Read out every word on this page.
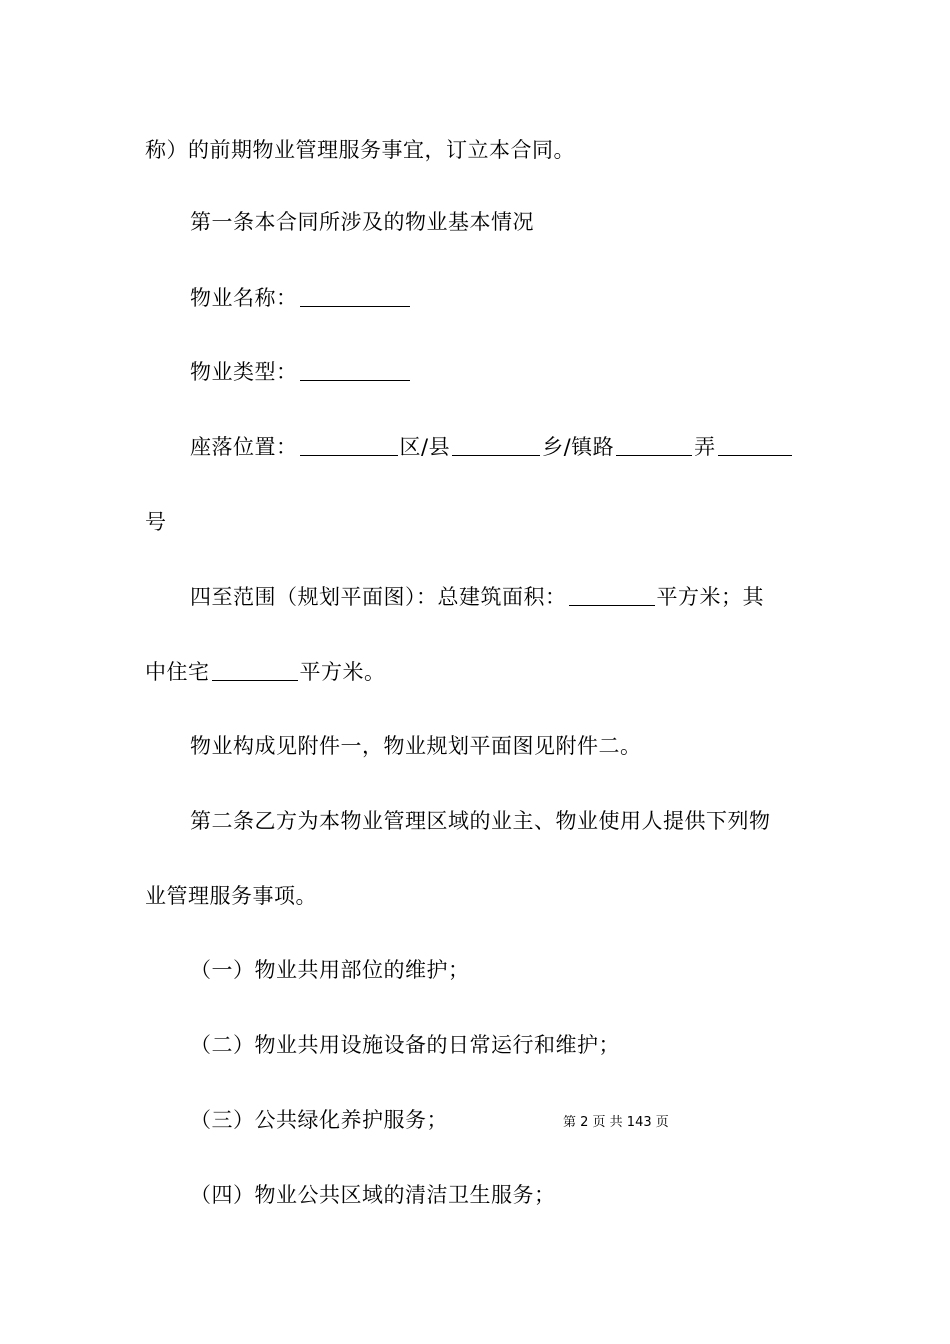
称）的前期物业管理服务事宜，订立本合同。
第一条本合同所涉及的物业基本情况
物业名称：
物业类型：
座落位置：	区/县	乡/镇路	弄
号
四至范围（规划平面图）：总建筑面积：	平方米；其
中住宅	平方米。
物业构成见附件一，物业规划平面图见附件二。
第二条乙方为本物业管理区域的业主、物业使用人提供下列物
业管理服务事项。
（一）物业共用部位的维护；
（二）物业共用设施设备的日常运行和维护；
（三）公共绿化养护服务；	第 2 页 共 143 页
（四）物业公共区域的清洁卫生服务；
